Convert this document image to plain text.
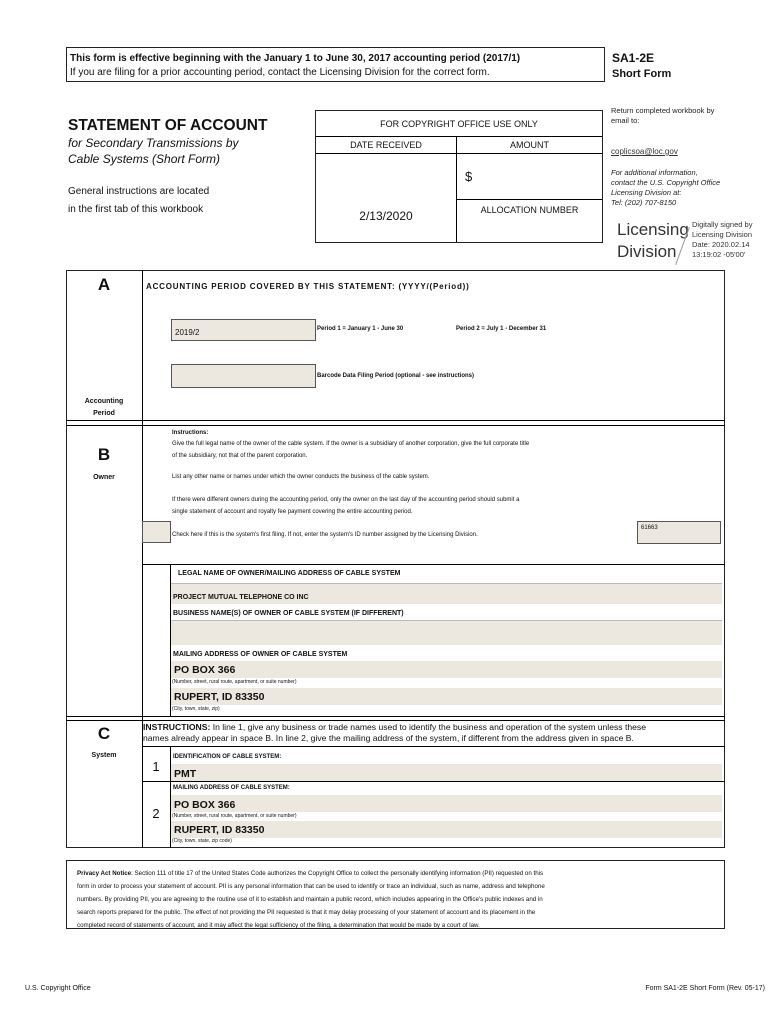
This form is effective beginning with the January 1 to June 30, 2017 accounting period (2017/1)
If you are filing for a prior accounting period, contact the Licensing Division for the correct form.
SA1-2E
Short Form
Return completed workbook by email to:
coplicsoa@loc.gov
For additional information, contact the U.S. Copyright Office Licensing Division at:
Tel: (202) 707-8150
STATEMENT OF ACCOUNT
for Secondary Transmissions by
Cable Systems (Short Form)
General instructions are located
in the first tab of this workbook
FOR COPYRIGHT OFFICE USE ONLY
DATE RECEIVED	AMOUNT
$
ALLOCATION NUMBER
2/13/2020
Licensing
Division
Digitally signed by
Licensing Division
Date: 2020.02.14
13:19:02 -05'00'
A
Accounting
Period
ACCOUNTING PERIOD COVERED BY THIS STATEMENT: (YYYY/(Period))
2019/2	Period 1 = January 1 - June 30	Period 2 = July 1 - December 31
Barcode Data Filing Period (optional - see instructions)
B
Owner
Instructions:
Give the full legal name of the owner of the cable system. If the owner is a subsidiary of another corporation, give the full corporate title
of the subsidiary, not that of the parent corporation.
List any other name or names under which the owner conducts the business of the cable system.
If there were different owners during the accounting period, only the owner on the last day of the accounting period should submit a
single statement of account and royalty fee payment covering the entire accounting period.
Check here if this is the system's first filing. If not, enter the system's ID number assigned by the Licensing Division.
61663
LEGAL NAME OF OWNER/MAILING ADDRESS OF CABLE SYSTEM
PROJECT MUTUAL TELEPHONE CO INC
BUSINESS NAME(S) OF OWNER OF CABLE SYSTEM (IF DIFFERENT)
MAILING ADDRESS OF OWNER OF CABLE SYSTEM
PO BOX 366
(Number, street, rural route, apartment, or suite number)
RUPERT, ID 83350
(City, town, state, zip)
C
System
INSTRUCTIONS: In line 1, give any business or trade names used to identify the business and operation of the system unless these
names already appear in space B. In line 2, give the mailing address of the system, if different from the address given in space B.
1
IDENTIFICATION OF CABLE SYSTEM:
PMT
MAILING ADDRESS OF CABLE SYSTEM:
2
PO BOX 366
(Number, street, rural route, apartment, or suite number)
RUPERT, ID 83350
(City, town, state, zip code)
Privacy Act Notice: Section 111 of title 17 of the United States Code authorizes the Copyright Office to collect the personally identifying information (PII) requested on this
form in order to process your statement of account. PII is any personal information that can be used to identify or trace an individual, such as name, address and telephone
numbers. By providing PII, you are agreeing to the routine use of it to establish and maintain a public record, which includes appearing in the Office's public indexes and in
search reports prepared for the public. The effect of not providing the PII requested is that it may delay processing of your statement of account and its placement in the
completed record of statements of account, and it may affect the legal sufficiency of the filing, a determination that would be made by a court of law.
U.S. Copyright Office	Form SA1-2E Short Form (Rev. 05-17)
